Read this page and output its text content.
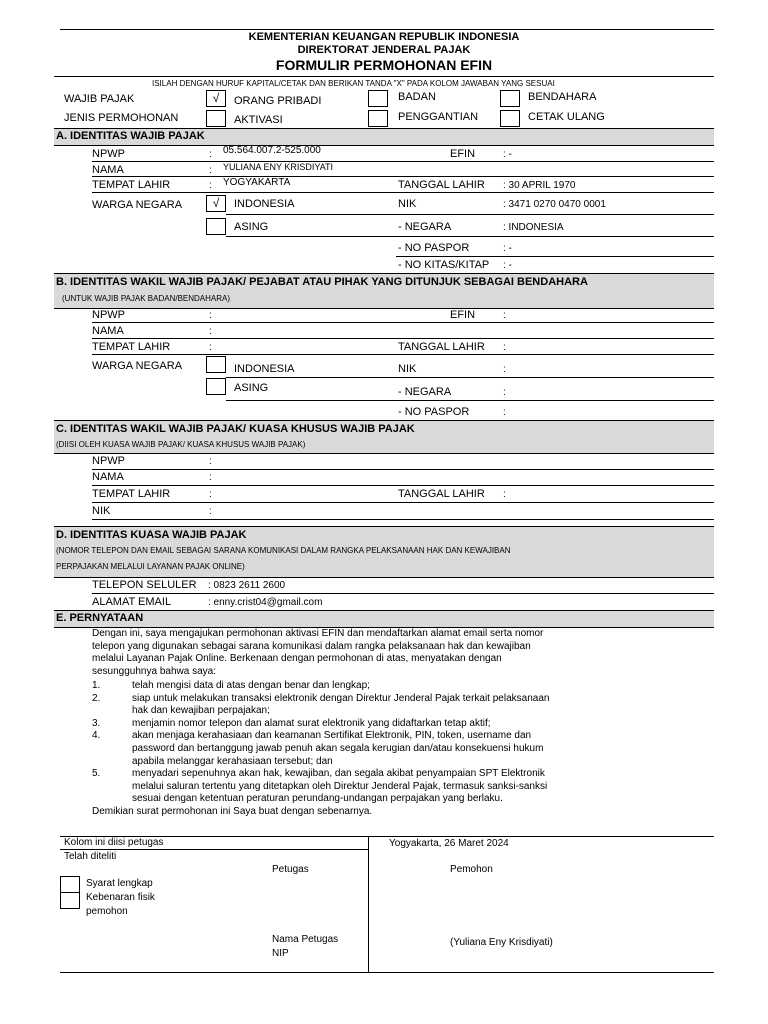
KEMENTERIAN KEUANGAN REPUBLIK INDONESIA
DIREKTORAT JENDERAL PAJAK
FORMULIR PERMOHONAN EFIN
ISILAH DENGAN HURUF KAPITAL/CETAK DAN BERIKAN TANDA "X" PADA KOLOM JAWABAN YANG SESUAI
WAJIB PAJAK	√	ORANG PRIBADI	BADAN	BENDAHARA
JENIS PERMOHONAN	AKTIVASI	PENGGANTIAN	CETAK ULANG
A. IDENTITAS WAJIB PAJAK
NPWP	: 05.564.007.2-525.000	EFIN	: -
NAMA	: YULIANA ENY KRISDIYATI
TEMPAT LAHIR	: YOGYAKARTA	TANGGAL LAHIR : 30 APRIL 1970
WARGA NEGARA	√	INDONESIA	NIK	: 3471 0270 0470 0001
ASING	- NEGARA	: INDONESIA
- NO PASPOR	: -
- NO KITAS/KITAP : -
B. IDENTITAS WAKIL WAJIB PAJAK/ PEJABAT ATAU PIHAK YANG DITUNJUK SEBAGAI BENDAHARA
(UNTUK WAJIB PAJAK BADAN/BENDAHARA)
NPWP	:	EFIN	:
NAMA	:
TEMPAT LAHIR	:	TANGGAL LAHIR :
WARGA NEGARA	INDONESIA	NIK	:
ASING	- NEGARA	:
- NO PASPOR	:
C. IDENTITAS WAKIL WAJIB PAJAK/ KUASA KHUSUS WAJIB PAJAK
(DIISI OLEH KUASA WAJIB PAJAK/ KUASA KHUSUS WAJIB PAJAK)
NPWP	:
NAMA	:
TEMPAT LAHIR	:	TANGGAL LAHIR :
NIK	:
D. IDENTITAS KUASA WAJIB PAJAK
(NOMOR TELEPON DAN EMAIL SEBAGAI SARANA KOMUNIKASI DALAM RANGKA PELAKSANAAN HAK DAN KEWAJIBAN
PERPAJAKAN MELALUI LAYANAN PAJAK ONLINE)
TELEPON SELULER : 0823 2611 2600
ALAMAT EMAIL	: enny.crist04@gmail.com
E. PERNYATAAN
Dengan ini, saya mengajukan permohonan aktivasi EFIN dan mendaftarkan alamat email serta nomor
telepon yang digunakan sebagai sarana komunikasi dalam rangka pelaksanaan hak dan kewajiban
melalui Layanan Pajak Online. Berkenaan dengan permohonan di atas, menyatakan dengan
sesungguhnya bahwa saya:
1.	telah mengisi data di atas dengan benar dan lengkap;
2.	siap untuk melakukan transaksi elektronik dengan Direktur Jenderal Pajak terkait pelaksanaan
hak dan kewajiban perpajakan;
3.	menjamin nomor telepon dan alamat surat elektronik yang didaftarkan tetap aktif;
4.	akan menjaga kerahasiaan dan keamanan Sertifikat Elektronik, PIN, token, username dan
password dan bertanggung jawab penuh akan segala kerugian dan/atau konsekuensi hukum
apabila melanggar kerahasiaan tersebut; dan
5.	menyadari sepenuhnya akan hak, kewajiban, dan segala akibat penyampaian SPT Elektronik
melalui saluran tertentu yang ditetapkan oleh Direktur Jenderal Pajak, termasuk sanksi-sanksi
sesuai dengan ketentuan peraturan perundang-undangan perpajakan yang berlaku.
Demikian surat permohonan ini Saya buat dengan sebenarnya.
Kolom ini diisi petugas
Telah diteliti
Syarat lengkap
Kebenaran fisik
pemohon
Petugas
Nama Petugas
NIP
Yogyakarta, 26 Maret 2024
Pemohon
(Yuliana Eny Krisdiyati)
